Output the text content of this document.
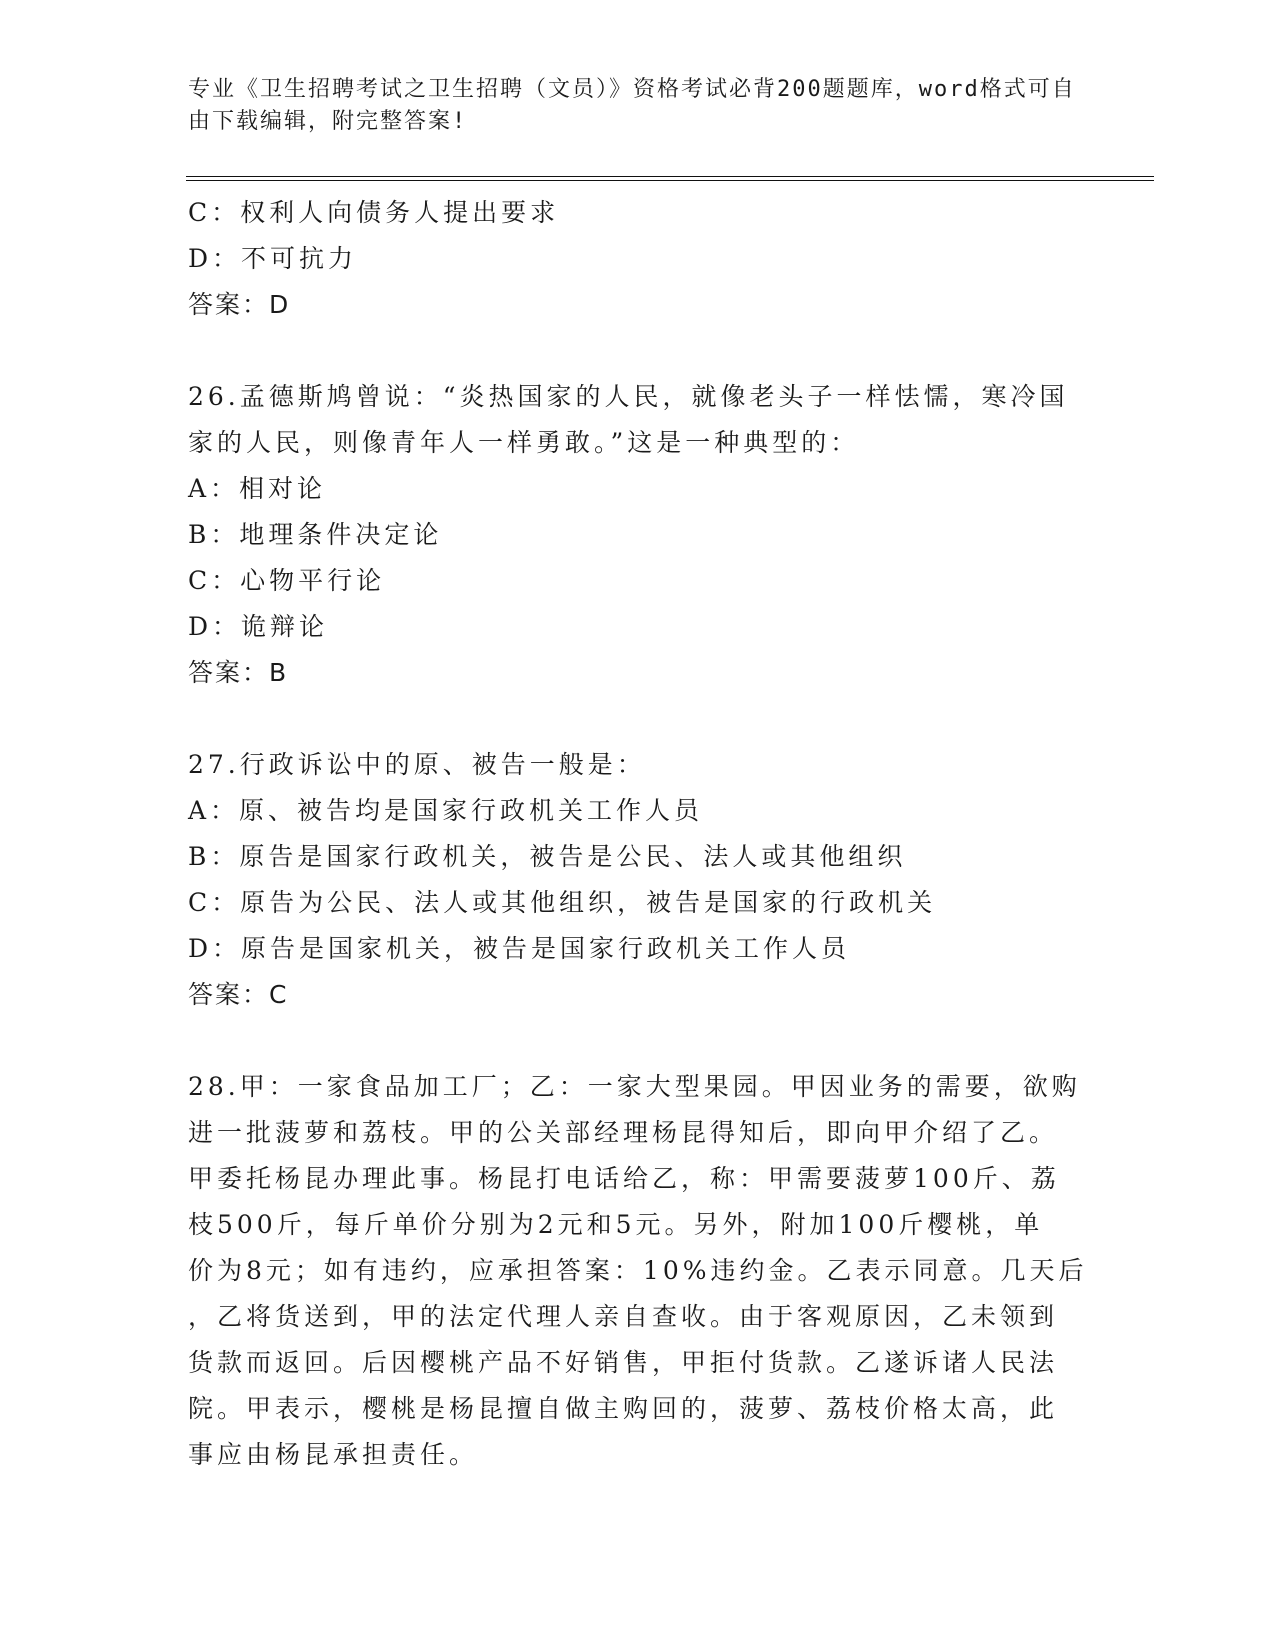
专业《卫生招聘考试之卫生招聘（文员）》资格考试必背200题题库，word格式可自由下载编辑，附完整答案!
C：权利人向债务人提出要求
D：不可抗力
答案：D
26.孟德斯鸠曾说：“炎热国家的人民，就像老头子一样怯懦，寒冷国
家的人民，则像青年人一样勇敢。”这是一种典型的：
A：相对论
B：地理条件决定论
C：心物平行论
D：诡辩论
答案：B
27.行政诉讼中的原、被告一般是：
A：原、被告均是国家行政机关工作人员
B：原告是国家行政机关，被告是公民、法人或其他组织
C：原告为公民、法人或其他组织，被告是国家的行政机关
D：原告是国家机关，被告是国家行政机关工作人员
答案：C
28.甲：一家食品加工厂；乙：一家大型果园。甲因业务的需要，欲购
进一批菠萝和荔枝。甲的公关部经理杨昆得知后，即向甲介绍了乙。
甲委托杨昆办理此事。杨昆打电话给乙，称：甲需要菠萝100斤、荔
枝500斤，每斤单价分别为2元和5元。另外，附加100斤樱桃，单
价为8元；如有违约，应承担答案：10%违约金。乙表示同意。几天后
，乙将货送到，甲的法定代理人亲自查收。由于客观原因，乙未领到
货款而返回。后因樱桃产品不好销售，甲拒付货款。乙遂诉诸人民法
院。甲表示，樱桃是杨昆擅自做主购回的，菠萝、荔枝价格太高，此
事应由杨昆承担责任。
